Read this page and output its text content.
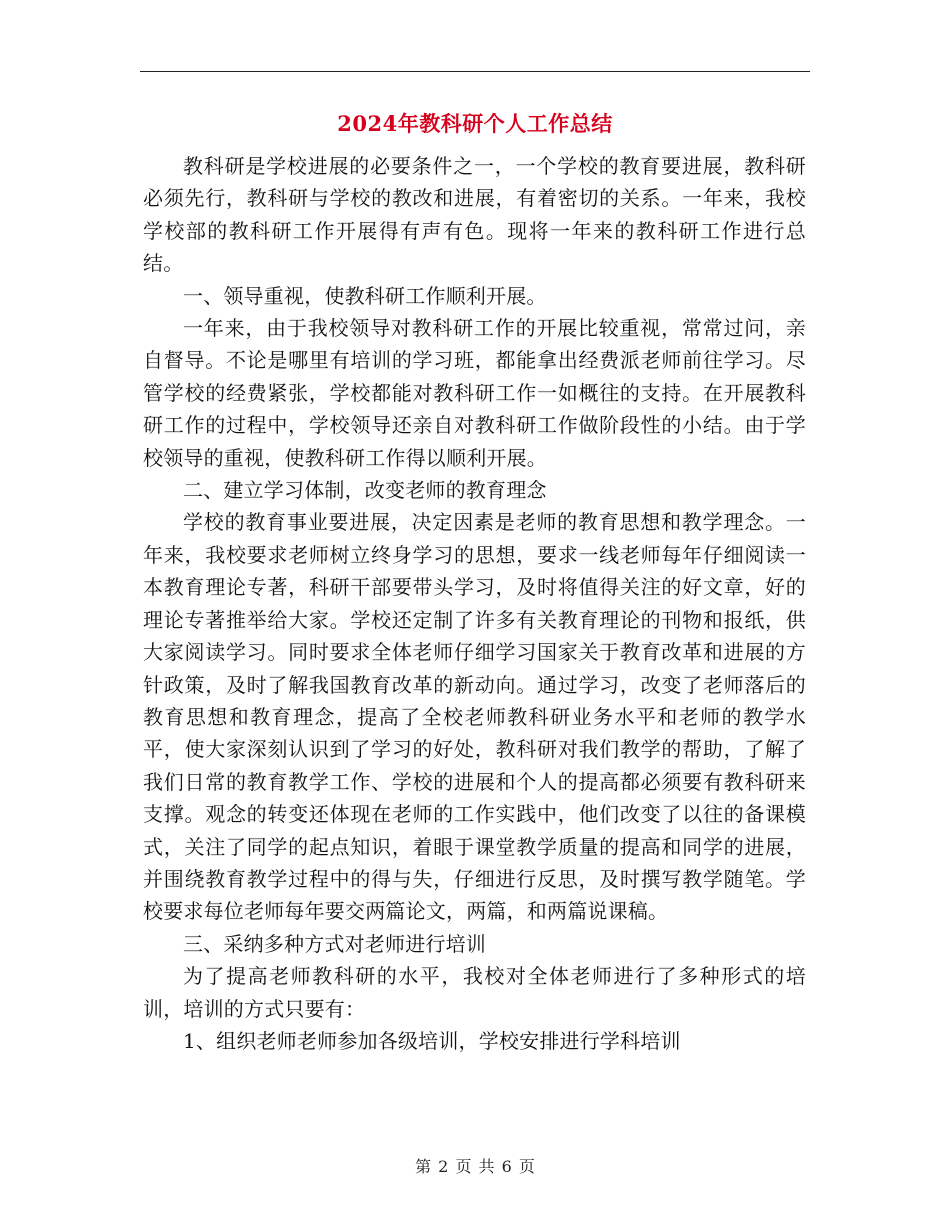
2024年教科研个人工作总结

教科研是学校进展的必要条件之一，一个学校的教育要进展，教科研必须先行，教科研与学校的教改和进展，有着密切的关系。一年来，我校学校部的教科研工作开展得有声有色。现将一年来的教科研工作进行总结。

一、领导重视，使教科研工作顺利开展。

一年来，由于我校领导对教科研工作的开展比较重视，常常过问，亲自督导。不论是哪里有培训的学习班，都能拿出经费派老师前往学习。尽管学校的经费紧张，学校都能对教科研工作一如概往的支持。在开展教科研工作的过程中，学校领导还亲自对教科研工作做阶段性的小结。由于学校领导的重视，使教科研工作得以顺利开展。

二、建立学习体制，改变老师的教育理念

学校的教育事业要进展，决定因素是老师的教育思想和教学理念。一年来，我校要求老师树立终身学习的思想，要求一线老师每年仔细阅读一本教育理论专著，科研干部要带头学习，及时将值得关注的好文章，好的理论专著推举给大家。学校还定制了许多有关教育理论的刊物和报纸，供大家阅读学习。同时要求全体老师仔细学习国家关于教育改革和进展的方针政策，及时了解我国教育改革的新动向。通过学习，改变了老师落后的教育思想和教育理念，提高了全校老师教科研业务水平和老师的教学水平，使大家深刻认识到了学习的好处，教科研对我们教学的帮助，了解了我们日常的教育教学工作、学校的进展和个人的提高都必须要有教科研来支撑。观念的转变还体现在老师的工作实践中，他们改变了以往的备课模式，关注了同学的起点知识，着眼于课堂教学质量的提高和同学的进展，并围绕教育教学过程中的得与失，仔细进行反思，及时撰写教学随笔。学校要求每位老师每年要交两篇论文，两篇，和两篇说课稿。

三、采纳多种方式对老师进行培训

为了提高老师教科研的水平，我校对全体老师进行了多种形式的培训，培训的方式只要有：

1、组织老师老师参加各级培训，学校安排进行学科培训

第 2 页 共 6 页
